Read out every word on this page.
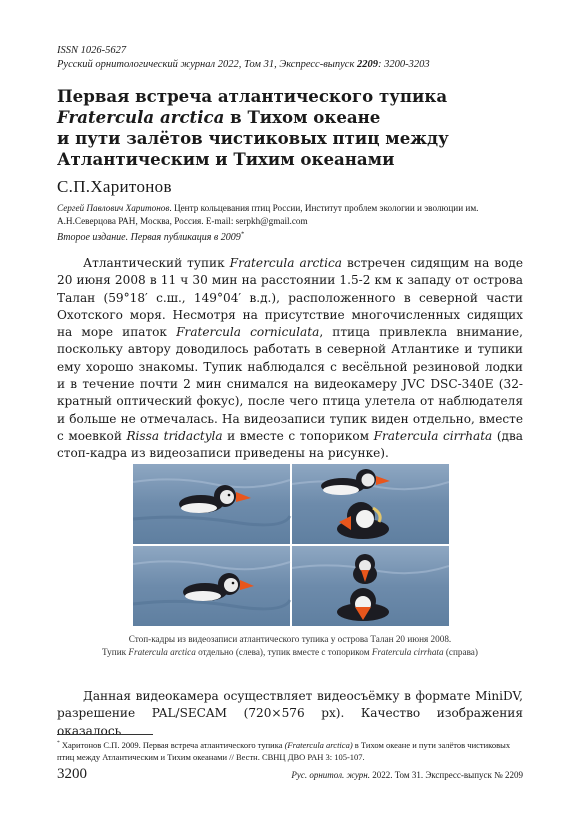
ISSN 1026-5627
Русский орнитологический журнал 2022, Том 31, Экспресс-выпуск 2209: 3200-3203
Первая встреча атлантического тупика
Fratercula arctica в Тихом океане
и пути залётов чистиковых птиц между
Атлантическим и Тихим океанами
С.П.Харитонов
Сергей Павлович Харитонов. Центр кольцевания птиц России, Институт проблем экологии и эволюции им. А.Н.Северцова РАН, Москва, Россия. E-mail: serpkh@gmail.com
Второе издание. Первая публикация в 2009*

Атлантический тупик Fratercula arctica встречен сидящим на воде 20 июня 2008 в 11 ч 30 мин на расстоянии 1.5-2 км к западу от острова Талан (59°18′ с.ш., 149°04′ в.д.), расположенного в северной части Охотского моря. Несмотря на присутствие многочисленных сидящих на море ипаток Fratercula corniculata, птица привлекла внимание, поскольку автору доводилось работать в северной Атлантике и тупики ему хорошо знакомы. Тупик наблюдался с весёльной резиновой лодки и в течение почти 2 мин снимался на видеокамеру JVC DSC-340E (32-кратный оптический фокус), после чего птица улетела от наблюдателя и больше не отмечалась. На видеозаписи тупик виден отдельно, вместе с моевкой Rissa tridactyla и вместе с топориком Fratercula cirrhata (два стоп-кадра из видеозаписи приведены на рисунке).

Стоп-кадры из видеозаписи атлантического тупика у острова Талан 20 июня 2008.
Тупик Fratercula arctica отдельно (слева), тупик вместе с топориком Fratercula cirrhata (справа)

Данная видеокамера осуществляет видеосъёмку в формате MiniDV, разрешение PAL/SECAM (720×576 px). Качество изображения оказалось

* Харитонов С.П. 2009. Первая встреча атлантического тупика (Fratercula arctica) в Тихом океане и пути залётов чистиковых птиц между Атлантическим и Тихим океанами // Вестн. СВНЦ ДВО РАН 3: 105-107.
3200	Рус. орнитол. журн. 2022. Том 31. Экспресс-выпуск № 2209
